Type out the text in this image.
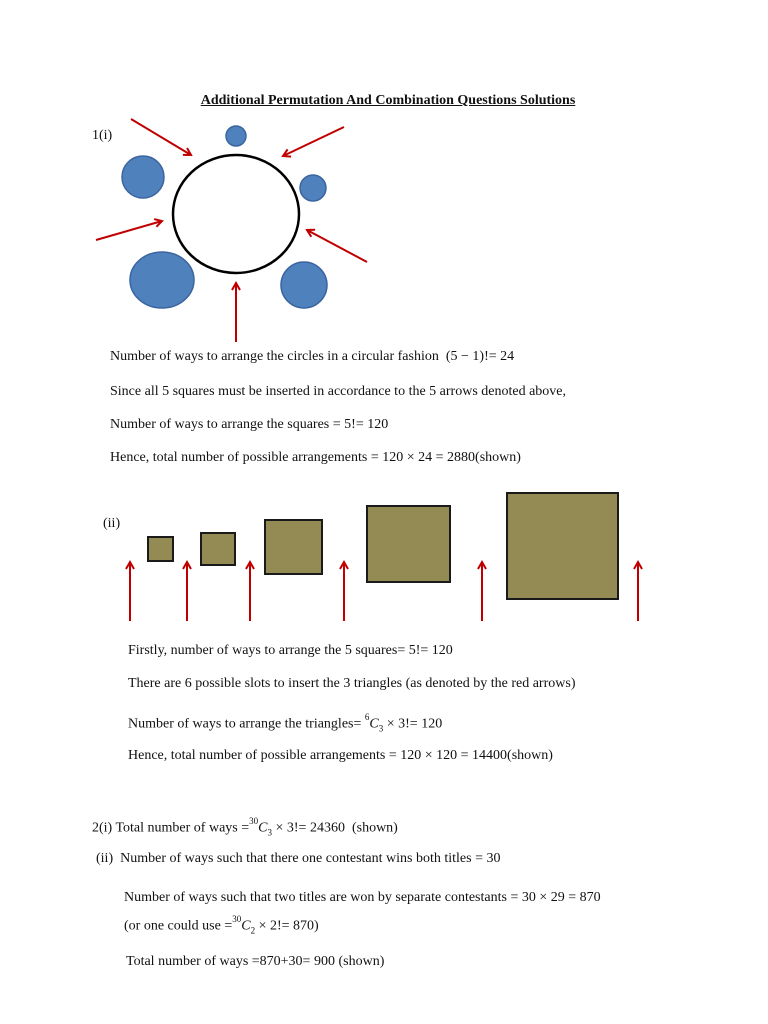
Additional Permutation And Combination Questions Solutions
1(i)
Number of ways to arrange the circles in a circular fashion (5 − 1)!= 24
Since all 5 squares must be inserted in accordance to the 5 arrows denoted above,
Number of ways to arrange the squares = 5!= 120
Hence, total number of possible arrangements = 120 × 24 = 2880(shown)
(ii)
Firstly, number of ways to arrange the 5 squares= 5!= 120
There are 6 possible slots to insert the 3 triangles (as denoted by the red arrows)
Number of ways to arrange the triangles= $^6C_3 \times 3!= 120$
Hence, total number of possible arrangements = 120 × 120 = 14400(shown)
2(i) Total number of ways $=^{30}C_3 \times 3!= 24360$ (shown)
(ii) Number of ways such that there one contestant wins both titles = 30
Number of ways such that two titles are won by separate contestants = 30 × 29 = 870
(or one could use $=^{30}C_2 \times 2!= 870$)
Total number of ways =870+30= 900 (shown)
